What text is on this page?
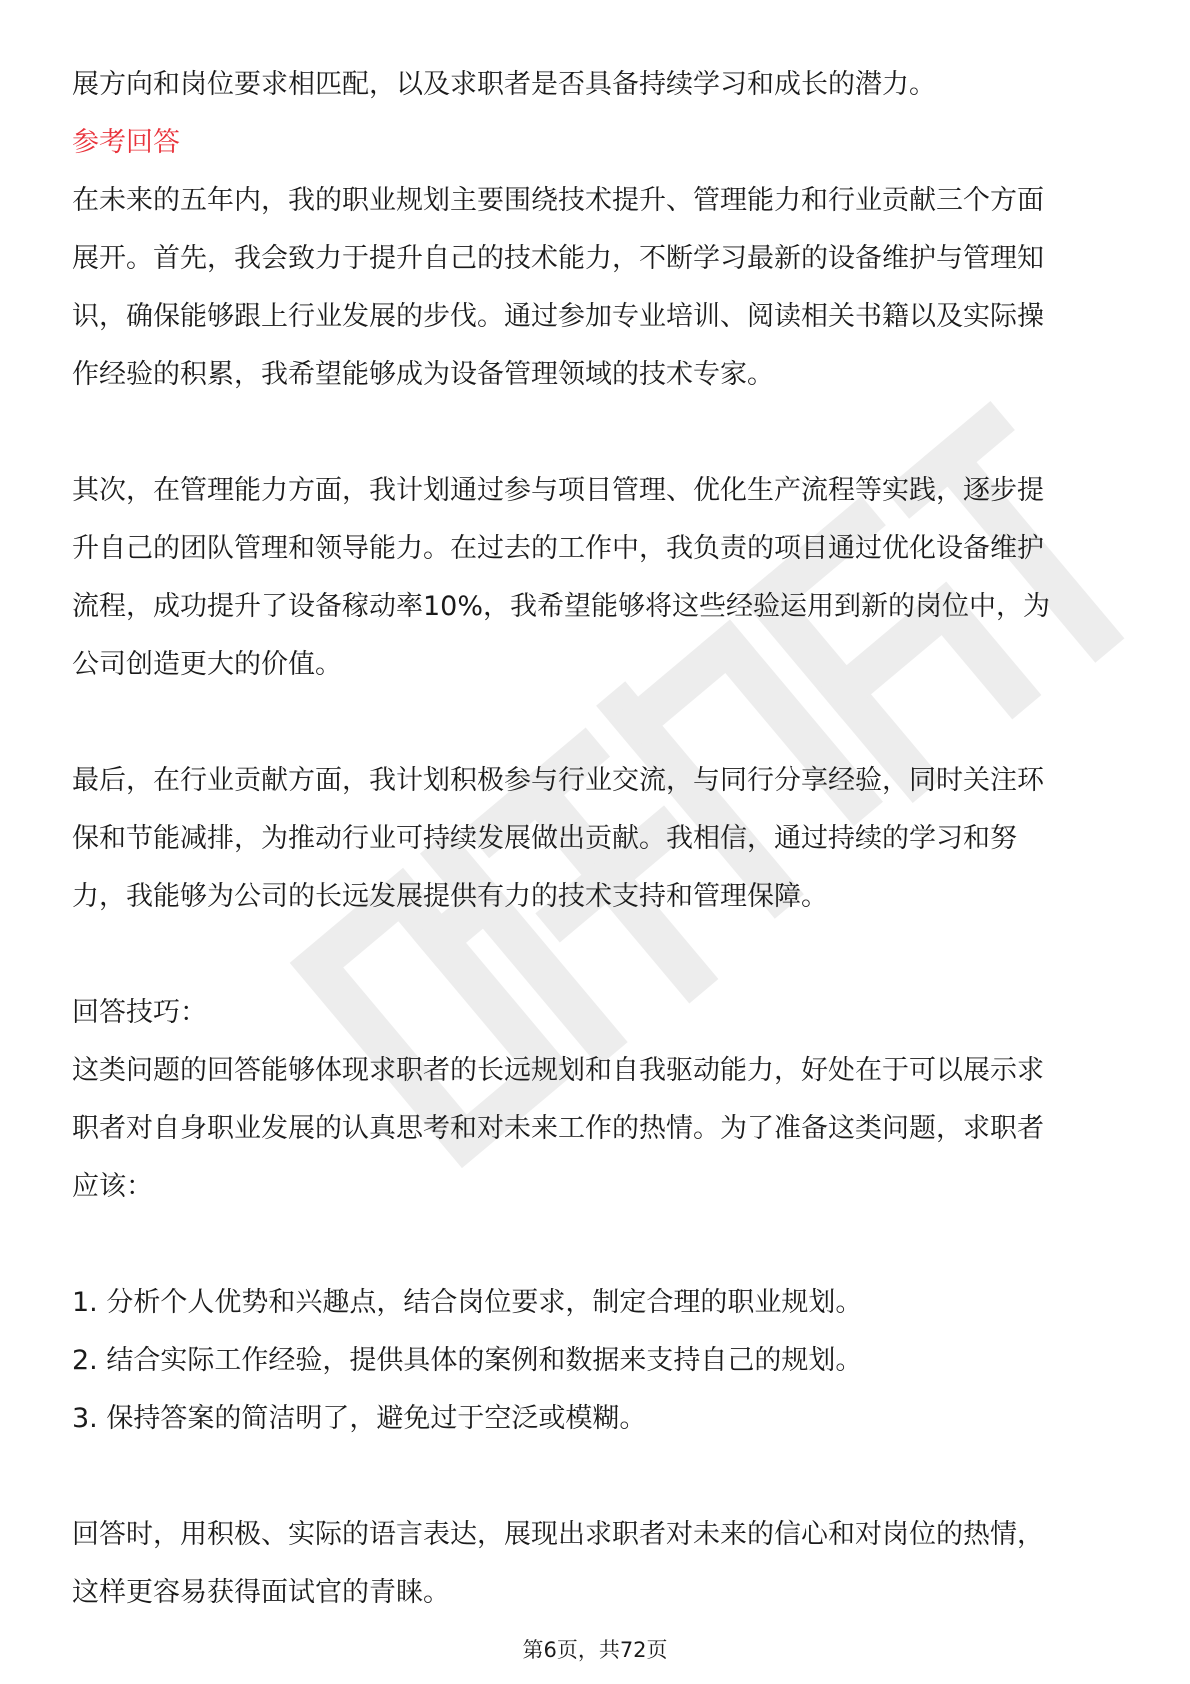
展方向和岗位要求相匹配，以及求职者是否具备持续学习和成长的潜力。

参考回答

在未来的五年内，我的职业规划主要围绕技术提升、管理能力和行业贡献三个方面

展开。首先，我会致力于提升自己的技术能力，不断学习最新的设备维护与管理知

识，确保能够跟上行业发展的步伐。通过参加专业培训、阅读相关书籍以及实际操

作经验的积累，我希望能够成为设备管理领域的技术专家。

其次，在管理能力方面，我计划通过参与项目管理、优化生产流程等实践，逐步提

升自己的团队管理和领导能力。在过去的工作中，我负责的项目通过优化设备维护

流程，成功提升了设备稼动率10%，我希望能够将这些经验运用到新的岗位中，为

公司创造更大的价值。

最后，在行业贡献方面，我计划积极参与行业交流，与同行分享经验，同时关注环

保和节能减排，为推动行业可持续发展做出贡献。我相信，通过持续的学习和努

力，我能够为公司的长远发展提供有力的技术支持和管理保障。

回答技巧：

这类问题的回答能够体现求职者的长远规划和自我驱动能力，好处在于可以展示求

职者对自身职业发展的认真思考和对未来工作的热情。为了准备这类问题，求职者

应该：

1. 分析个人优势和兴趣点，结合岗位要求，制定合理的职业规划。

2. 结合实际工作经验，提供具体的案例和数据来支持自己的规划。

3. 保持答案的简洁明了，避免过于空泛或模糊。

回答时，用积极、实际的语言表达，展现出求职者对未来的信心和对岗位的热情，

这样更容易获得面试官的青睐。

第6页，共72页
